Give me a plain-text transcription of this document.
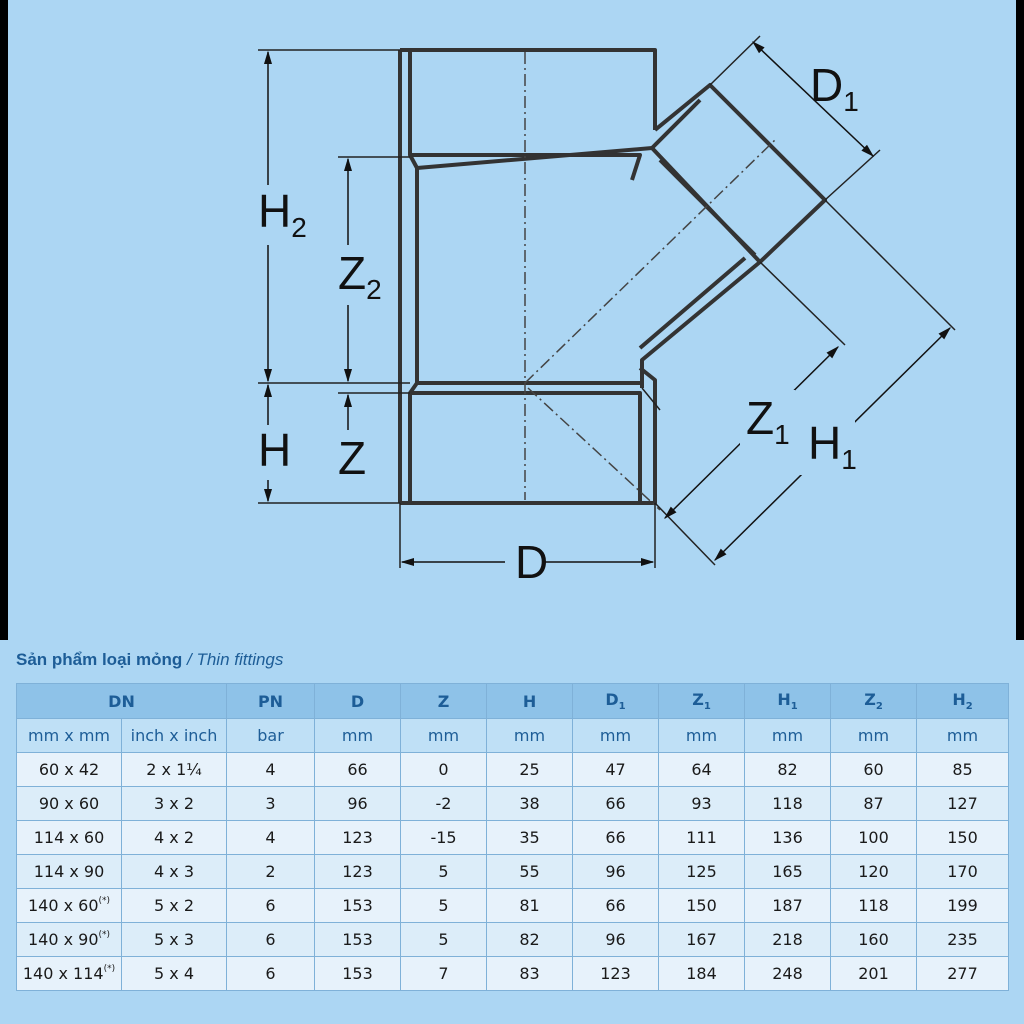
$H_2$
$Z_2$
H Z
D
$D_1$
$Z_1$ $H_1$
Sản phẩm loại mỏng / Thin fittings
DN		PN	D	Z	H	$D_1$	$Z_1$	$H_1$	$Z_2$	$H_2$
mm x mm	inch x inch	bar	mm	mm	mm	mm	mm	mm	mm	mm
60 x 42	2 x 1¼	4	66	0	25	47	64	82	60	85
90 x 60	3 x 2	3	96	-2	38	66	93	118	87	127
114 x 60	4 x 2	4	123	-15	35	66	111	136	100	150
114 x 90	4 x 3	2	123	5	55	96	125	165	120	170
140 x 60(*)	5 x 2	6	153	5	81	66	150	187	118	199
140 x 90(*)	5 x 3	6	153	5	82	96	167	218	160	235
140 x 114(*)	5 x 4	6	153	7	83	123	184	248	201	277
